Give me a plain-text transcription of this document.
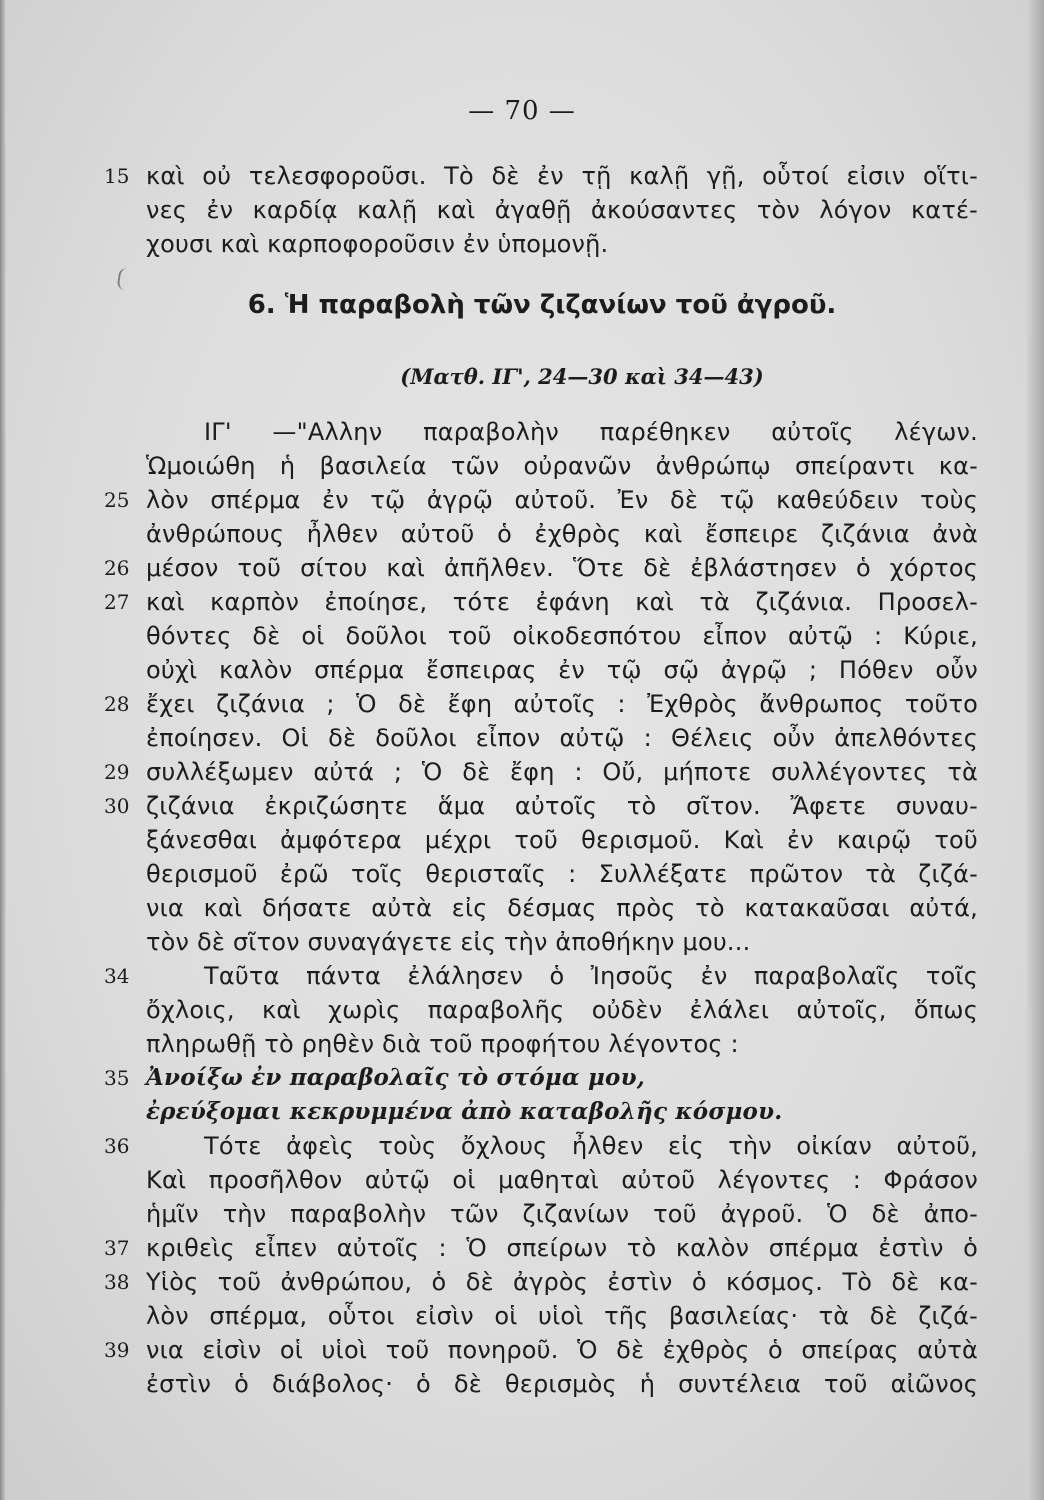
— 70 —
15 καὶ οὐ τελεσφοροῦσι. Τὸ δὲ ἐν τῇ καλῇ γῇ, οὗτοί εἰσιν οἵτι-
νες ἐν καρδίᾳ καλῇ καὶ ἀγαθῇ ἀκούσαντες τὸν λόγον κατέ-
χουσι καὶ καρποφοροῦσιν ἐν ὑπομονῇ.
6. Ἡ παραβολὴ τῶν ζιζανίων τοῦ ἀγροῦ.
(Ματθ. ΙΓ', 24—30 καὶ 34—43)
ΙΓ' —"Αλλην παραβολὴν παρέθηκεν αὐτοῖς λέγων.
Ὡμοιώθη ἡ βασιλεία τῶν οὐρανῶν ἀνθρώπῳ σπείραντι κα-
25 λὸν σπέρμα ἐν τῷ ἀγρῷ αὐτοῦ. Ἐν δὲ τῷ καθεύδειν τοὺς
ἀνθρώπους ἦλθεν αὐτοῦ ὁ ἐχθρὸς καὶ ἔσπειρε ζιζάνια ἀνὰ
26 μέσον τοῦ σίτου καὶ ἀπῆλθεν. Ὅτε δὲ ἐβλάστησεν ὁ χόρτος
27 καὶ καρπὸν ἐποίησε, τότε ἐφάνη καὶ τὰ ζιζάνια. Προσελ-
θόντες δὲ οἱ δοῦλοι τοῦ οἰκοδεσπότου εἶπον αὐτῷ : Κύριε,
οὐχὶ καλὸν σπέρμα ἔσπειρας ἐν τῷ σῷ ἀγρῷ ; Πόθεν οὖν
28 ἔχει ζιζάνια ; Ὁ δὲ ἔφη αὐτοῖς : Ἐχθρὸς ἄνθρωπος τοῦτο
ἐποίησεν. Οἱ δὲ δοῦλοι εἶπον αὐτῷ : Θέλεις οὖν ἀπελθόντες
29 συλλέξωμεν αὐτά ; Ὁ δὲ ἔφη : Οὔ, μήποτε συλλέγοντες τὰ
30 ζιζάνια ἐκριζώσητε ἅμα αὐτοῖς τὸ σῖτον. Ἄφετε συναυ-
ξάνεσθαι ἀμφότερα μέχρι τοῦ θερισμοῦ. Καὶ ἐν καιρῷ τοῦ
θερισμοῦ ἐρῶ τοῖς θερισταῖς : Συλλέξατε πρῶτον τὰ ζιζά-
νια καὶ δήσατε αὐτὰ εἰς δέσμας πρὸς τὸ κατακαῦσαι αὐτά,
τὸν δὲ σῖτον συναγάγετε εἰς τὴν ἀποθήκην μου...
34	Ταῦτα πάντα ἐλάλησεν ὁ Ἰησοῦς ἐν παραβολαῖς τοῖς
ὄχλοις, καὶ χωρὶς παραβολῆς οὐδὲν ἐλάλει αὐτοῖς, ὅπως
πληρωθῇ τὸ ρηθὲν διὰ τοῦ προφήτου λέγοντος :
35 Ἀνοίξω ἐν παραβολαῖς τὸ στόμα μου,
ἐρεύξομαι κεκρυμμένα ἀπὸ καταβολῆς κόσμου.
36	Τότε ἀφεὶς τοὺς ὄχλους ἦλθεν εἰς τὴν οἰκίαν αὐτοῦ,
Καὶ προσῆλθον αὐτῷ οἱ μαθηταὶ αὐτοῦ λέγοντες : Φράσον
ἡμῖν τὴν παραβολὴν τῶν ζιζανίων τοῦ ἀγροῦ. Ὁ δὲ ἀπο-
37 κριθεὶς εἶπεν αὐτοῖς : Ὁ σπείρων τὸ καλὸν σπέρμα ἐστὶν ὁ
38 Υἱὸς τοῦ ἀνθρώπου, ὁ δὲ ἀγρὸς ἐστὶν ὁ κόσμος. Τὸ δὲ κα-
λὸν σπέρμα, οὗτοι εἰσὶν οἱ υἱοὶ τῆς βασιλείας· τὰ δὲ ζιζά-
39 νια εἰσὶν οἱ υἱοὶ τοῦ πονηροῦ. Ὁ δὲ ἐχθρὸς ὁ σπείρας αὐτὰ
ἐστὶν ὁ διάβολος· ὁ δὲ θερισμὸς ἡ συντέλεια τοῦ αἰῶνος
